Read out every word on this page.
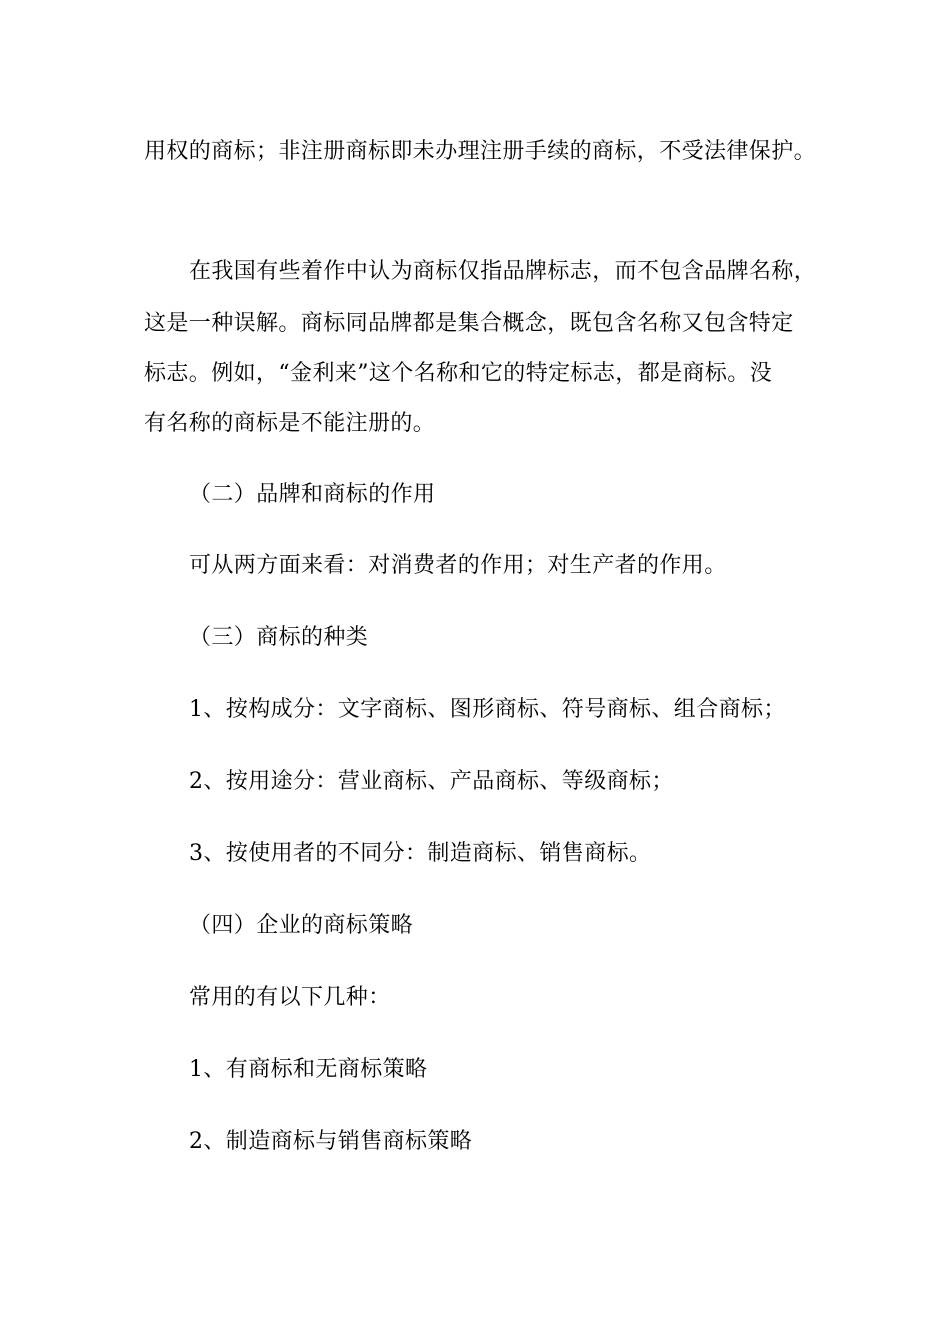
用权的商标；非注册商标即未办理注册手续的商标，不受法律保护。

在我国有些着作中认为商标仅指品牌标志，而不包含品牌名称，

这是一种误解。商标同品牌都是集合概念，既包含名称又包含特定

标志。例如，“金利来”这个名称和它的特定标志，都是商标。没

有名称的商标是不能注册的。

（二）品牌和商标的作用

可从两方面来看：对消费者的作用；对生产者的作用。

（三）商标的种类

1、按构成分：文字商标、图形商标、符号商标、组合商标；

2、按用途分：营业商标、产品商标、等级商标；

3、按使用者的不同分：制造商标、销售商标。

（四）企业的商标策略

常用的有以下几种：

1、有商标和无商标策略

2、制造商标与销售商标策略
